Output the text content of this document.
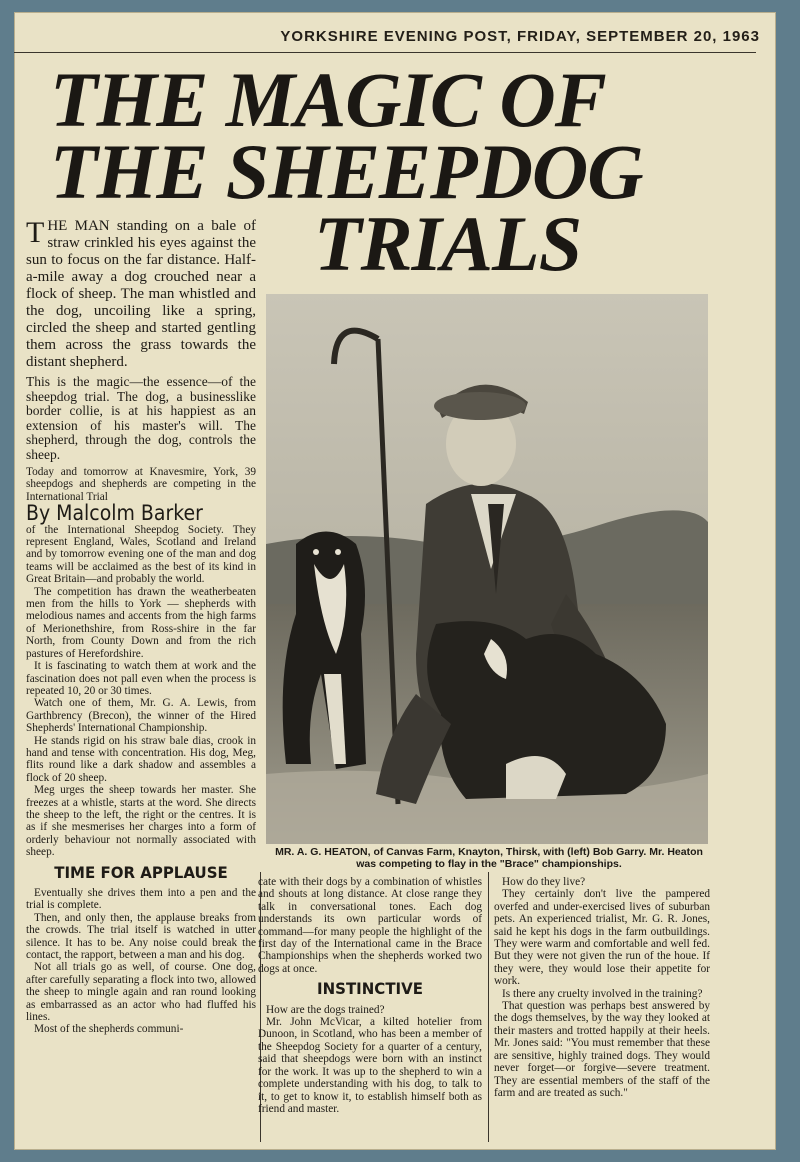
YORKSHIRE EVENING POST, FRIDAY, SEPTEMBER 20, 1963
THE MAGIC OF
THE SHEEPDOG
TRIALS

THE MAN standing on a bale of straw crinkled his eyes against the sun to focus on the far distance. Half-a-mile away a dog crouched near a flock of sheep. The man whistled and the dog, uncoiling like a spring, circled the sheep and started gentling them across the grass towards the distant shepherd.

This is the magic—the essence—of the sheepdog trial. The dog, a businesslike border collie, is at his happiest as an extension of his master's will. The shepherd, through the dog, controls the sheep.

Today and tomorrow at Knavesmire, York, 39 sheepdogs and shepherds are competing in the International Trial

By Malcolm Barker

of the International Sheepdog Society. They represent England, Wales, Scotland and Ireland and by tomorrow evening one of the man and dog teams will be acclaimed as the best of its kind in Great Britain—and probably the world.

The competition has drawn the weatherbeaten men from the hills to York — shepherds with melodious names and accents from the high farms of Merionethshire, from Ross-shire in the far North, from County Down and from the rich pastures of Herefordshire.

It is fascinating to watch them at work and the fascination does not pall even when the process is repeated 10, 20 or 30 times.

Watch one of them, Mr. G. A. Lewis, from Garthbrency (Brecon), the winner of the Hired Shepherds' International Championship.

He stands rigid on his straw bale dias, crook in hand and tense with concentration. His dog, Meg, flits round like a dark shadow and assembles a flock of 20 sheep.

Meg urges the sheep towards her master. She freezes at a whistle, starts at the word. She directs the sheep to the left, the right or the centres. It is as if she mesmerises her charges into a form of orderly behaviour not normally associated with sheep.

TIME FOR APPLAUSE

Eventually she drives them into a pen and the trial is complete.

Then, and only then, the applause breaks from the crowds. The trial itself is watched in utter silence. It has to be. Any noise could break the contact, the rapport, between a man and his dog.

Not all trials go as well, of course. One dog, after carefully separating a flock into two, allowed the sheep to mingle again and ran round looking as embarrassed as an actor who had fluffed his lines.

Most of the shepherds communi-

MR. A. G. HEATON, of Canvas Farm, Knayton, Thirsk, with (left) Bob Garry. Mr. Heaton was competing to flay in the "Brace" championships.

cate with their dogs by a combination of whistles and shouts at long distance. At close range they talk in conversational tones. Each dog understands its own particular words of command—for many people the highlight of the first day of the International came in the Brace Championships when the shepherds worked two dogs at once.

INSTINCTIVE

How are the dogs trained?

Mr. John McVicar, a kilted hotelier from Dunoon, in Scotland, who has been a member of the Sheepdog Society for a quarter of a century, said that sheepdogs were born with an instinct for the work. It was up to the shepherd to win a complete understanding with his dog, to talk to it, to get to know it, to establish himself both as friend and master.

How do they live?

They certainly don't live the pampered overfed and under-exercised lives of suburban pets. An experienced trialist, Mr. G. R. Jones, said he kept his dogs in the farm outbuildings. They were warm and comfortable and well fed. But they were not given the run of the houe. If they were, they would lose their appetite for work.

Is there any cruelty involved in the training?

That question was perhaps best answered by the dogs themselves, by the way they looked at their masters and trotted happily at their heels. Mr. Jones said: "You must remember that these are sensitive, highly trained dogs. They would never forget—or forgive—severe treatment. They are essential members of the staff of the farm and are treated as such."
